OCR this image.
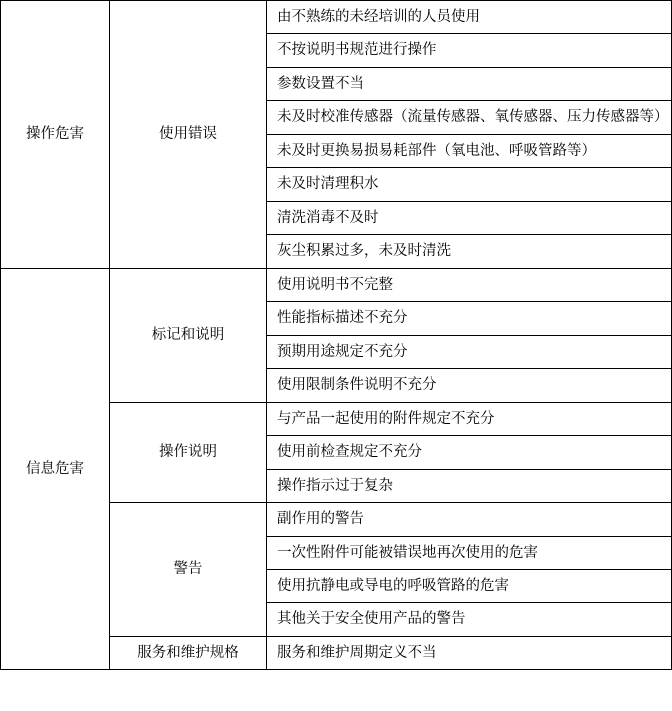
操作危害	使用错误	由不熟练的未经培训的人员使用
		不按说明书规范进行操作
		参数设置不当
		未及时校准传感器（流量传感器、氧传感器、压力传感器等）
		未及时更换易损易耗部件（氧电池、呼吸管路等）
		未及时清理积水
		清洗消毒不及时
		灰尘积累过多，未及时清洗
信息危害	标记和说明	使用说明书不完整
		性能指标描述不充分
		预期用途规定不充分
		使用限制条件说明不充分
	操作说明	与产品一起使用的附件规定不充分
		使用前检查规定不充分
		操作指示过于复杂
	警告	副作用的警告
		一次性附件可能被错误地再次使用的危害
		使用抗静电或导电的呼吸管路的危害
		其他关于安全使用产品的警告
	服务和维护规格	服务和维护周期定义不当
